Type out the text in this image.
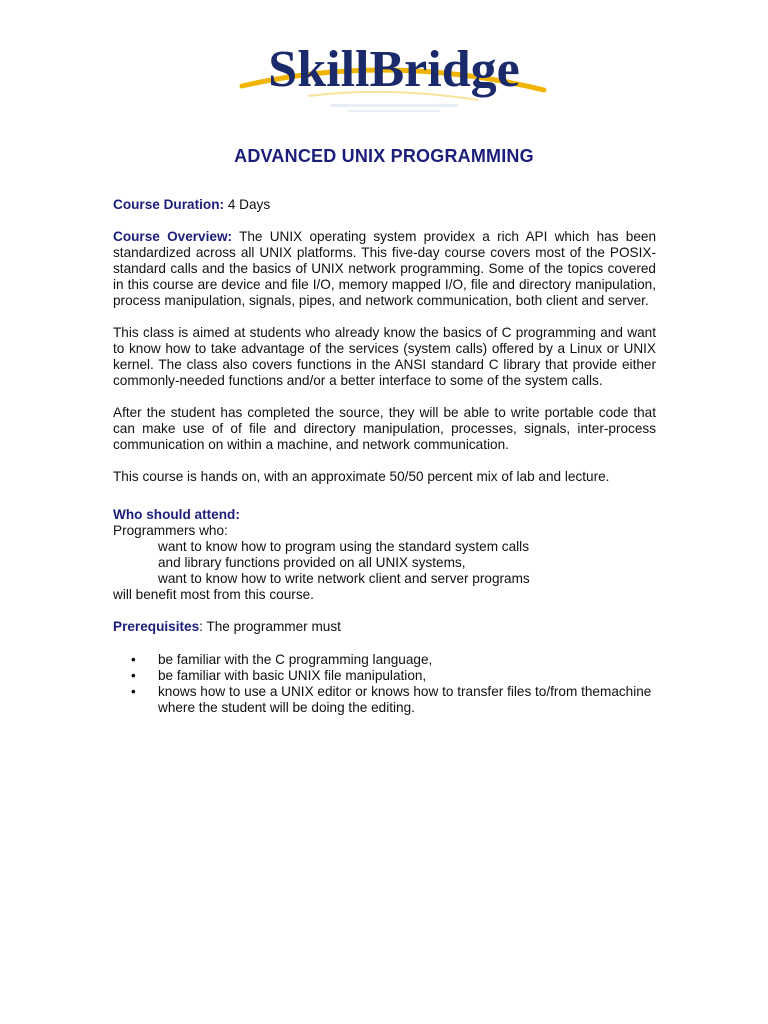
SkillBridge
ADVANCED UNIX PROGRAMMING

Course Duration: 4 Days

Course Overview: The UNIX operating system providex a rich API which has been standardized across all UNIX platforms. This five-day course covers most of the POSIX-standard calls and the basics of UNIX network programming. Some of the topics covered in this course are device and file I/O, memory mapped I/O, file and directory manipulation, process manipulation, signals, pipes, and network communication, both client and server.

This class is aimed at students who already know the basics of C programming and want to know how to take advantage of the services (system calls) offered by a Linux or UNIX kernel. The class also covers functions in the ANSI standard C library that provide either commonly-needed functions and/or a better interface to some of the system calls.

After the student has completed the source, they will be able to write portable code that can make use of of file and directory manipulation, processes, signals, inter-process communication on within a machine, and network communication.

This course is hands on, with an approximate 50/50 percent mix of lab and lecture.

Who should attend:

Programmers who:

want to know how to program using the standard system calls

and library functions provided on all UNIX systems,

want to know how to write network client and server programs

will benefit most from this course.

Prerequisites: The programmer must

• be familiar with the C programming language,
• be familiar with basic UNIX file manipulation,
• knows how to use a UNIX editor or knows how to transfer files to/from themachine where the student will be doing the editing.
